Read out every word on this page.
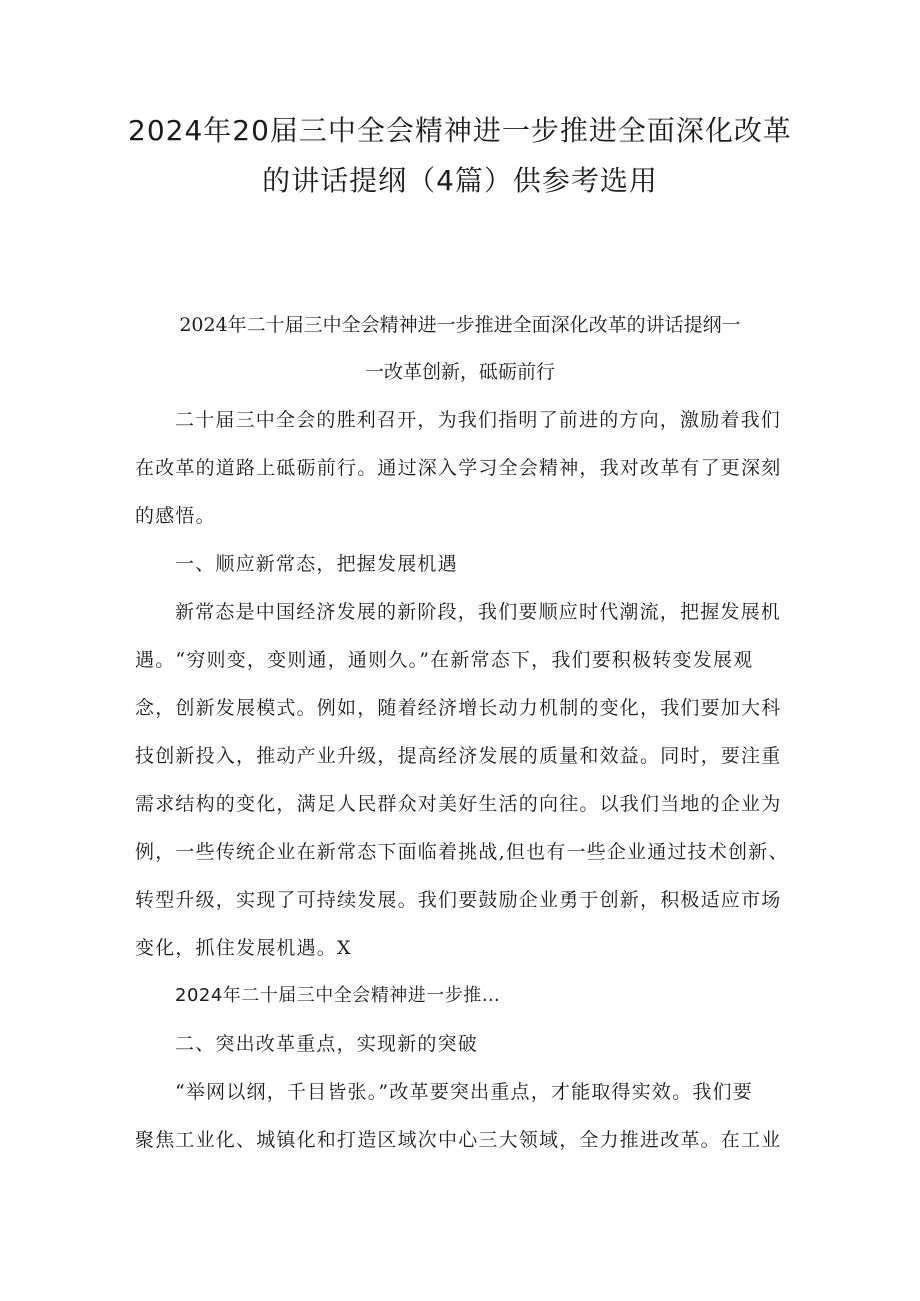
2024年20届三中全会精神进一步推进全面深化改革
的讲话提纲（4篇）供参考选用
2024年二十届三中全会精神进一步推进全面深化改革的讲话提纲一
一改革创新，砥砺前行

二十届三中全会的胜利召开，为我们指明了前进的方向，激励着我们

在改革的道路上砥砺前行。通过深入学习全会精神，我对改革有了更深刻

的感悟。

一、顺应新常态，把握发展机遇

新常态是中国经济发展的新阶段，我们要顺应时代潮流，把握发展机

遇。“穷则变，变则通，通则久。”在新常态下，我们要积极转变发展观

念，创新发展模式。例如，随着经济增长动力机制的变化，我们要加大科

技创新投入，推动产业升级，提高经济发展的质量和效益。同时，要注重

需求结构的变化，满足人民群众对美好生活的向往。以我们当地的企业为

例，一些传统企业在新常态下面临着挑战,但也有一些企业通过技术创新、

转型升级，实现了可持续发展。我们要鼓励企业勇于创新，积极适应市场

变化，抓住发展机遇。X

2024年二十届三中全会精神进一步推…

二、突出改革重点，实现新的突破

“举网以纲，千目皆张。”改革要突出重点，才能取得实效。我们要

聚焦工业化、城镇化和打造区域次中心三大领域，全力推进改革。在工业
